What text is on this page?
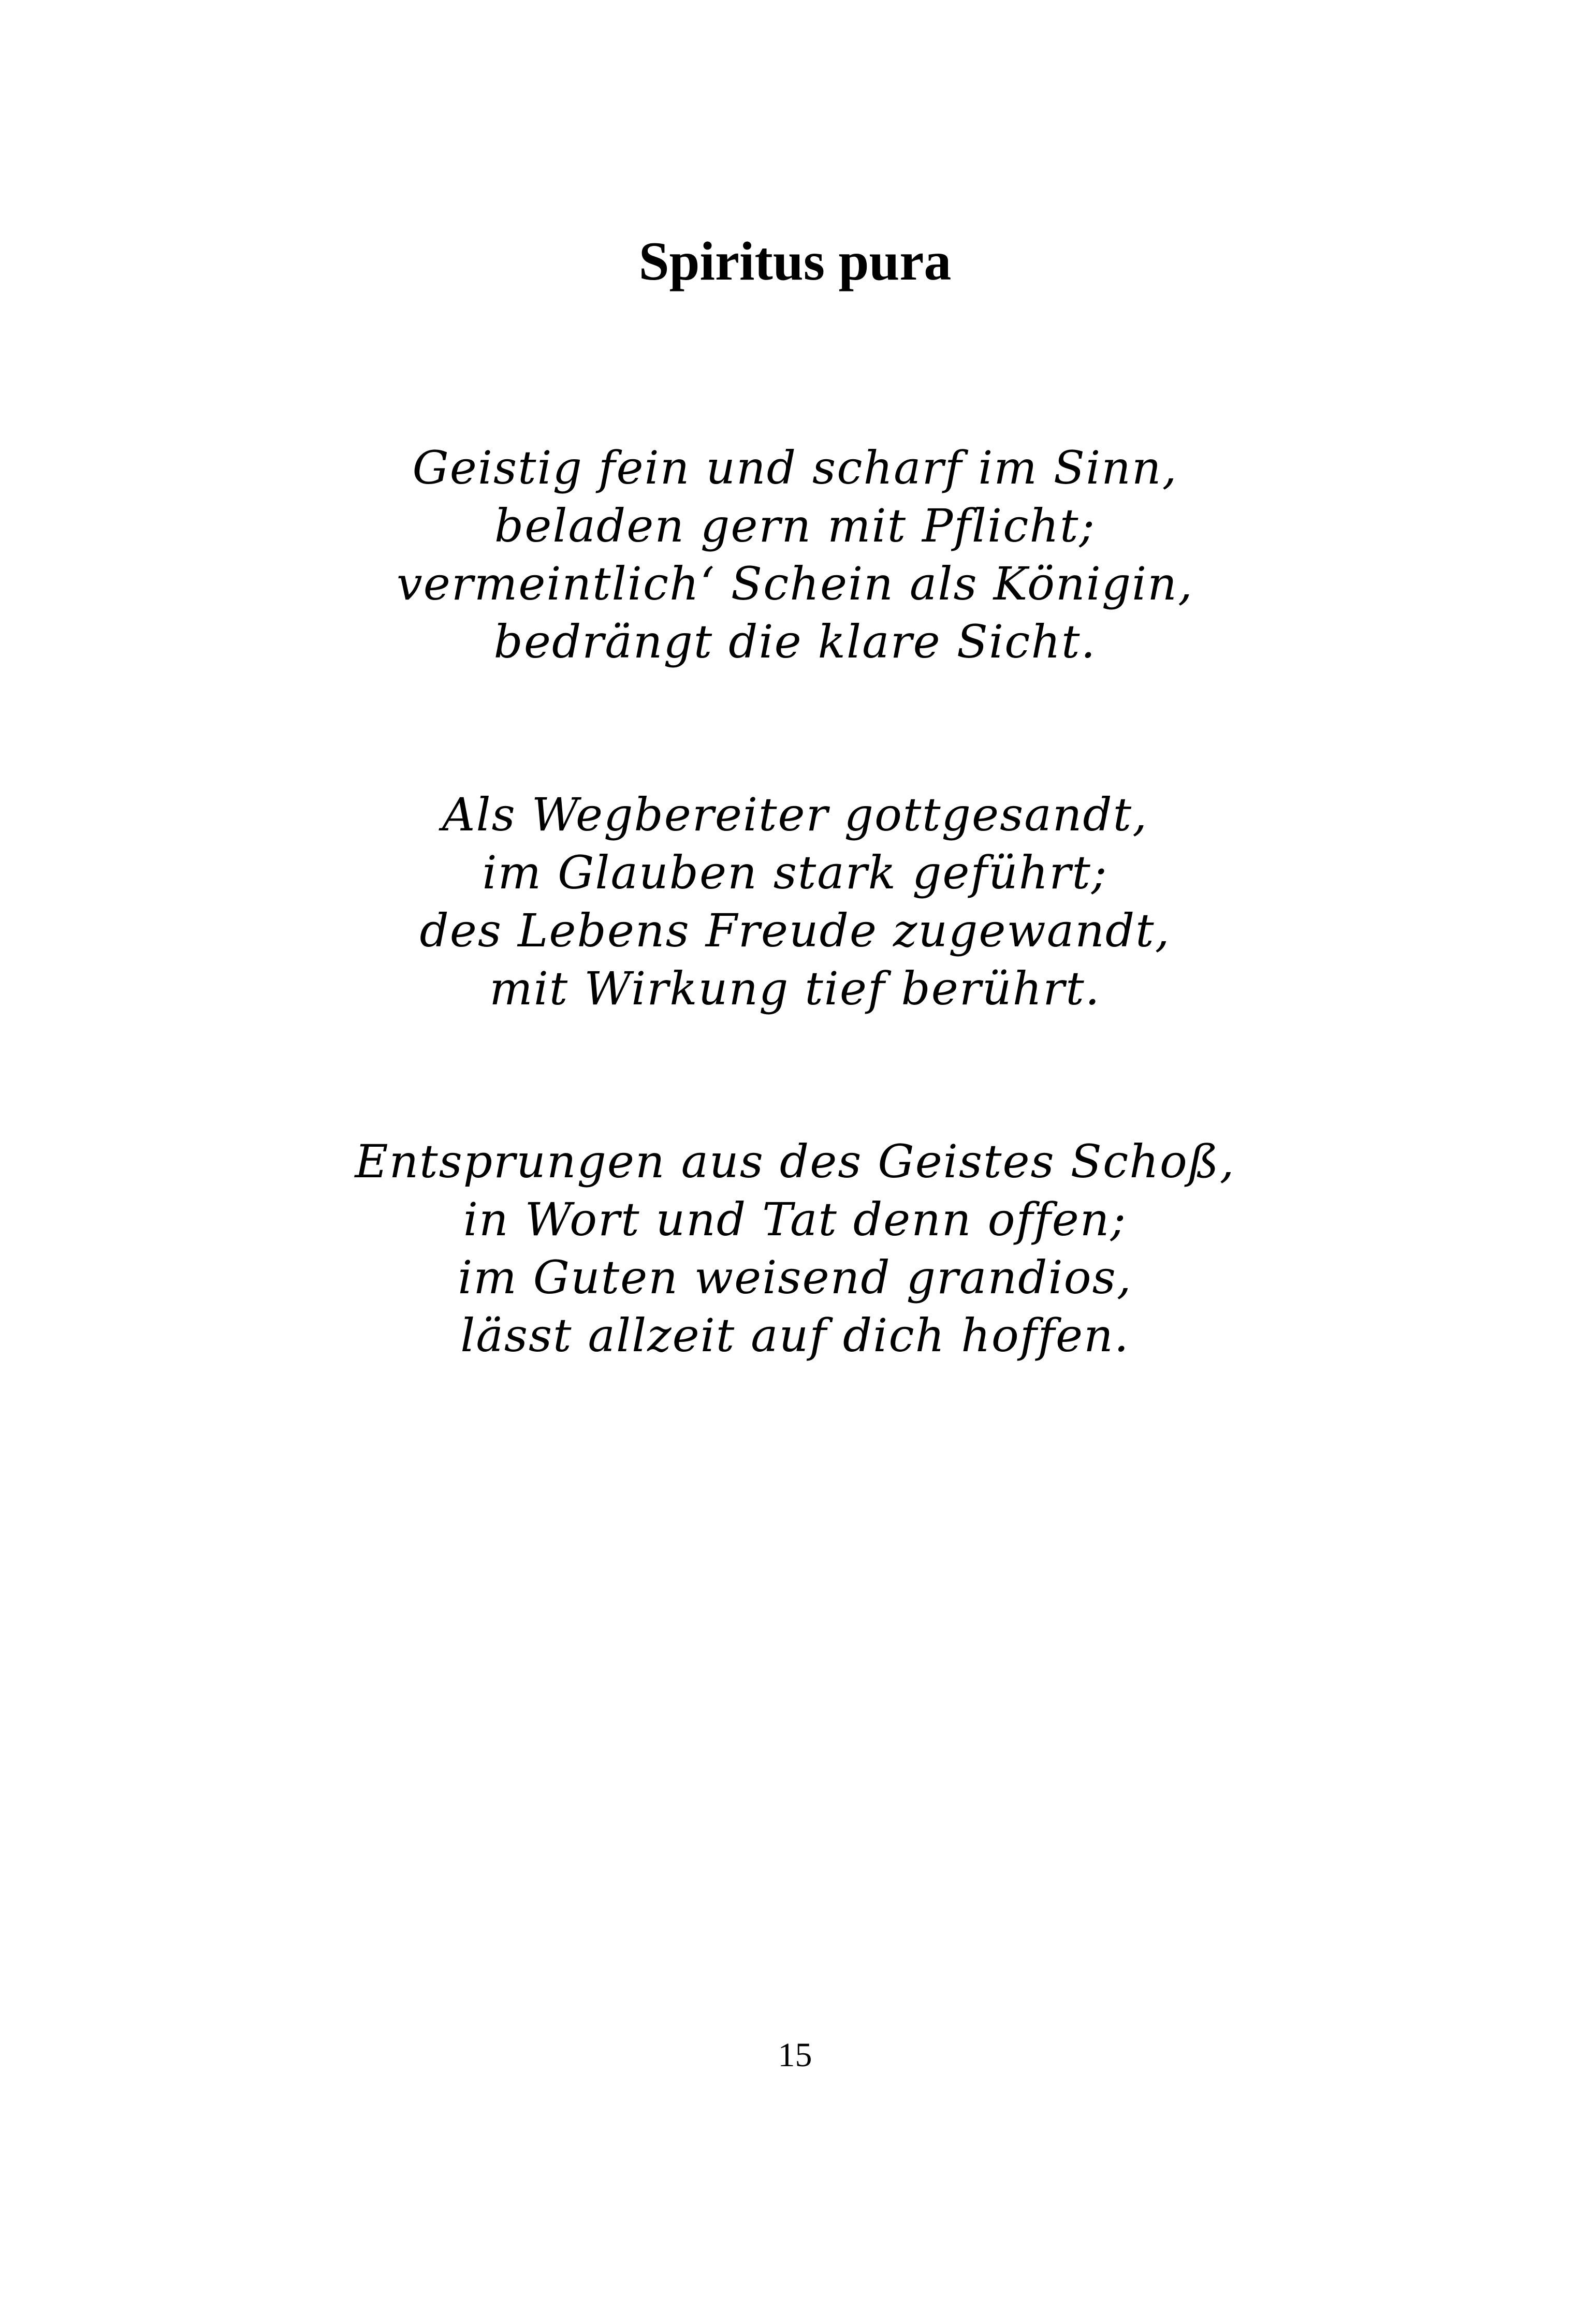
Spiritus pura
Geistig fein und scharf im Sinn,
beladen gern mit Pflicht;
vermeintlich‘ Schein als Königin,
bedrängt die klare Sicht.
Als Wegbereiter gottgesandt,
im Glauben stark geführt;
des Lebens Freude zugewandt,
mit Wirkung tief berührt.
Entsprungen aus des Geistes Schoß,
in Wort und Tat denn offen;
im Guten weisend grandios,
lässt allzeit auf dich hoffen.
15
